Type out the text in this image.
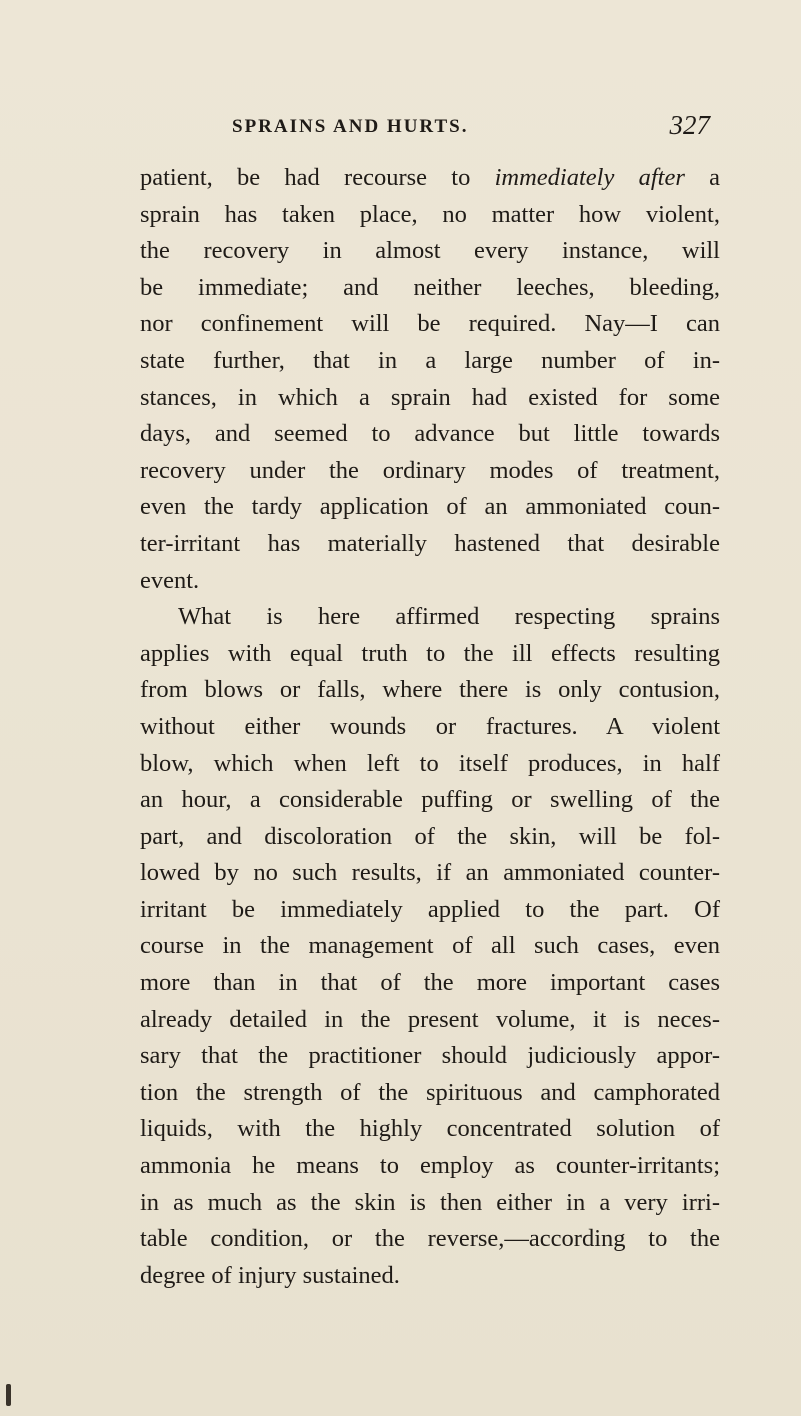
SPRAINS AND HURTS.	327
patient, be had recourse to immediately after a
sprain has taken place, no matter how violent,
the recovery in almost every instance, will
be immediate; and neither leeches, bleeding,
nor confinement will be required. Nay—I can
state further, that in a large number of in-
stances, in which a sprain had existed for some
days, and seemed to advance but little towards
recovery under the ordinary modes of treatment,
even the tardy application of an ammoniated coun-
ter-irritant has materially hastened that desirable
event.
What is here affirmed respecting sprains
applies with equal truth to the ill effects resulting
from blows or falls, where there is only contusion,
without either wounds or fractures. A violent
blow, which when left to itself produces, in half
an hour, a considerable puffing or swelling of the
part, and discoloration of the skin, will be fol-
lowed by no such results, if an ammoniated counter-
irritant be immediately applied to the part. Of
course in the management of all such cases, even
more than in that of the more important cases
already detailed in the present volume, it is neces-
sary that the practitioner should judiciously appor-
tion the strength of the spirituous and camphorated
liquids, with the highly concentrated solution of
ammonia he means to employ as counter-irritants;
in as much as the skin is then either in a very irri-
table condition, or the reverse,—according to the
degree of injury sustained.
